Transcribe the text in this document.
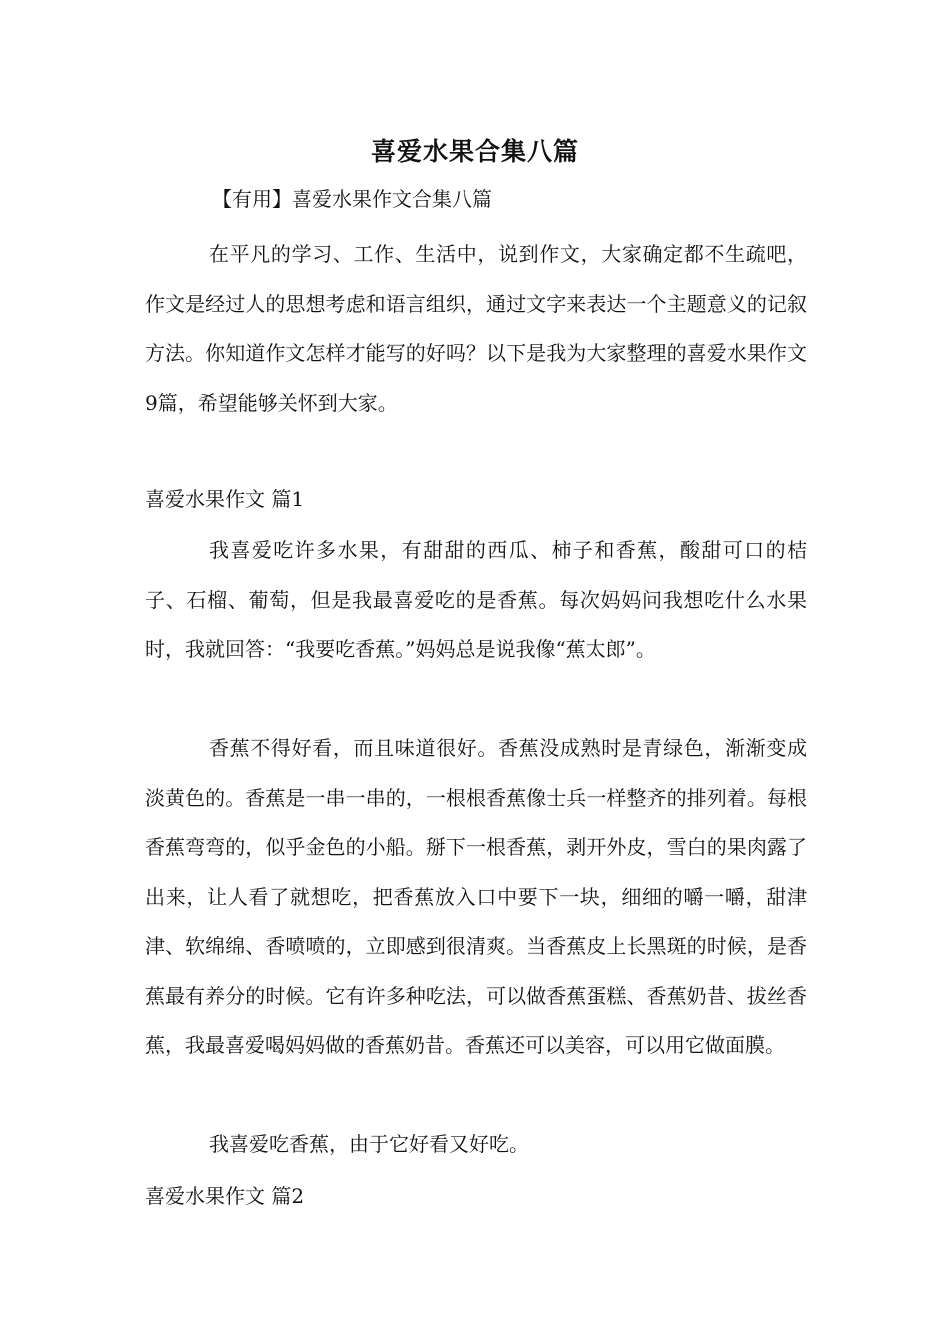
喜爱水果合集八篇
【有用】喜爱水果作文合集八篇

在平凡的学习、工作、生活中，说到作文，大家确定都不生疏吧，作文是经过人的思想考虑和语言组织，通过文字来表达一个主题意义的记叙方法。你知道作文怎样才能写的好吗？以下是我为大家整理的喜爱水果作文9篇，希望能够关怀到大家。

喜爱水果作文 篇1

我喜爱吃许多水果，有甜甜的西瓜、柿子和香蕉，酸甜可口的桔子、石榴、葡萄，但是我最喜爱吃的是香蕉。每次妈妈问我想吃什么水果时，我就回答：“我要吃香蕉。”妈妈总是说我像“蕉太郎”。

香蕉不得好看，而且味道很好。香蕉没成熟时是青绿色，渐渐变成淡黄色的。香蕉是一串一串的，一根根香蕉像士兵一样整齐的排列着。每根香蕉弯弯的，似乎金色的小船。掰下一根香蕉，剥开外皮，雪白的果肉露了出来，让人看了就想吃，把香蕉放入口中要下一块，细细的嚼一嚼，甜津津、软绵绵、香喷喷的，立即感到很清爽。当香蕉皮上长黑斑的时候，是香蕉最有养分的时候。它有许多种吃法，可以做香蕉蛋糕、香蕉奶昔、拔丝香蕉，我最喜爱喝妈妈做的香蕉奶昔。香蕉还可以美容，可以用它做面膜。

我喜爱吃香蕉，由于它好看又好吃。

喜爱水果作文 篇2
